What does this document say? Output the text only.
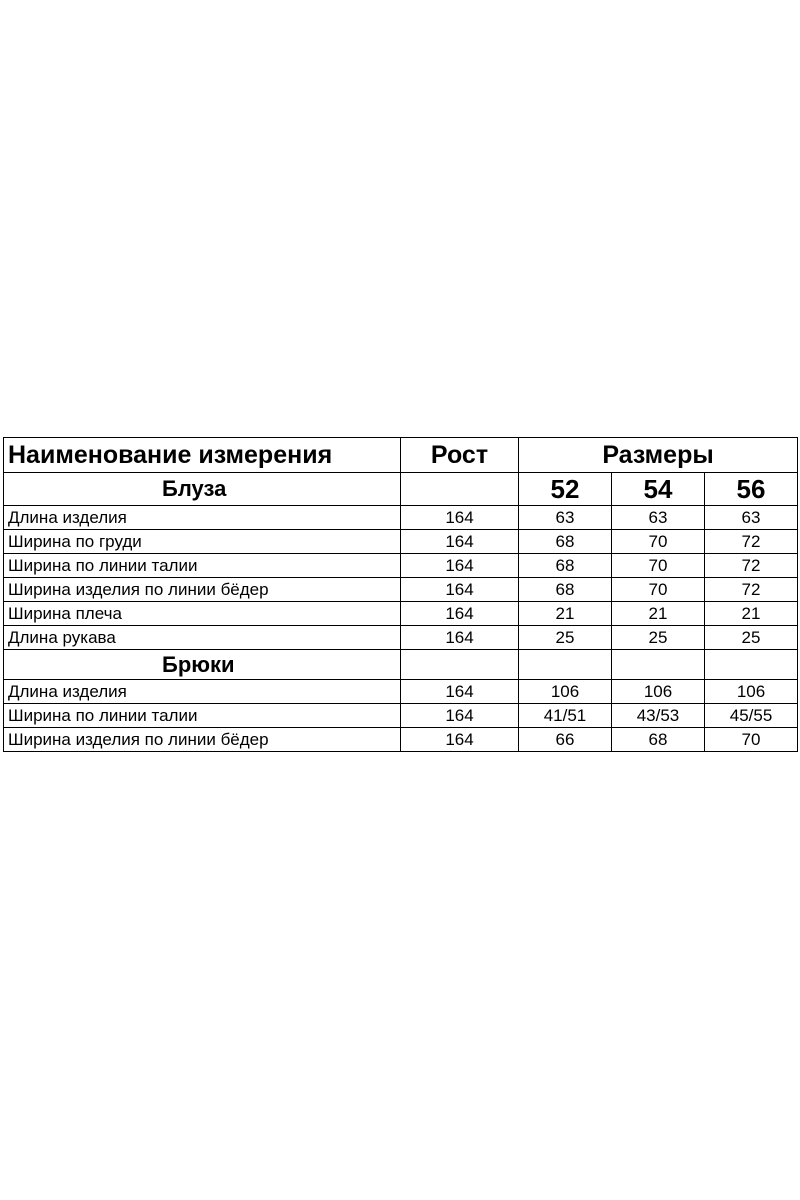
Наименование измерения	Рост	Размеры		
Блуза		52	54	56
Длина изделия	164	63	63	63
Ширина по груди	164	68	70	72
Ширина по линии талии	164	68	70	72
Ширина изделия по линии бёдер	164	68	70	72
Ширина плеча	164	21	21	21
Длина рукава	164	25	25	25
Брюки				
Длина изделия	164	106	106	106
Ширина по линии талии	164	41/51	43/53	45/55
Ширина изделия по линии бёдер	164	66	68	70
